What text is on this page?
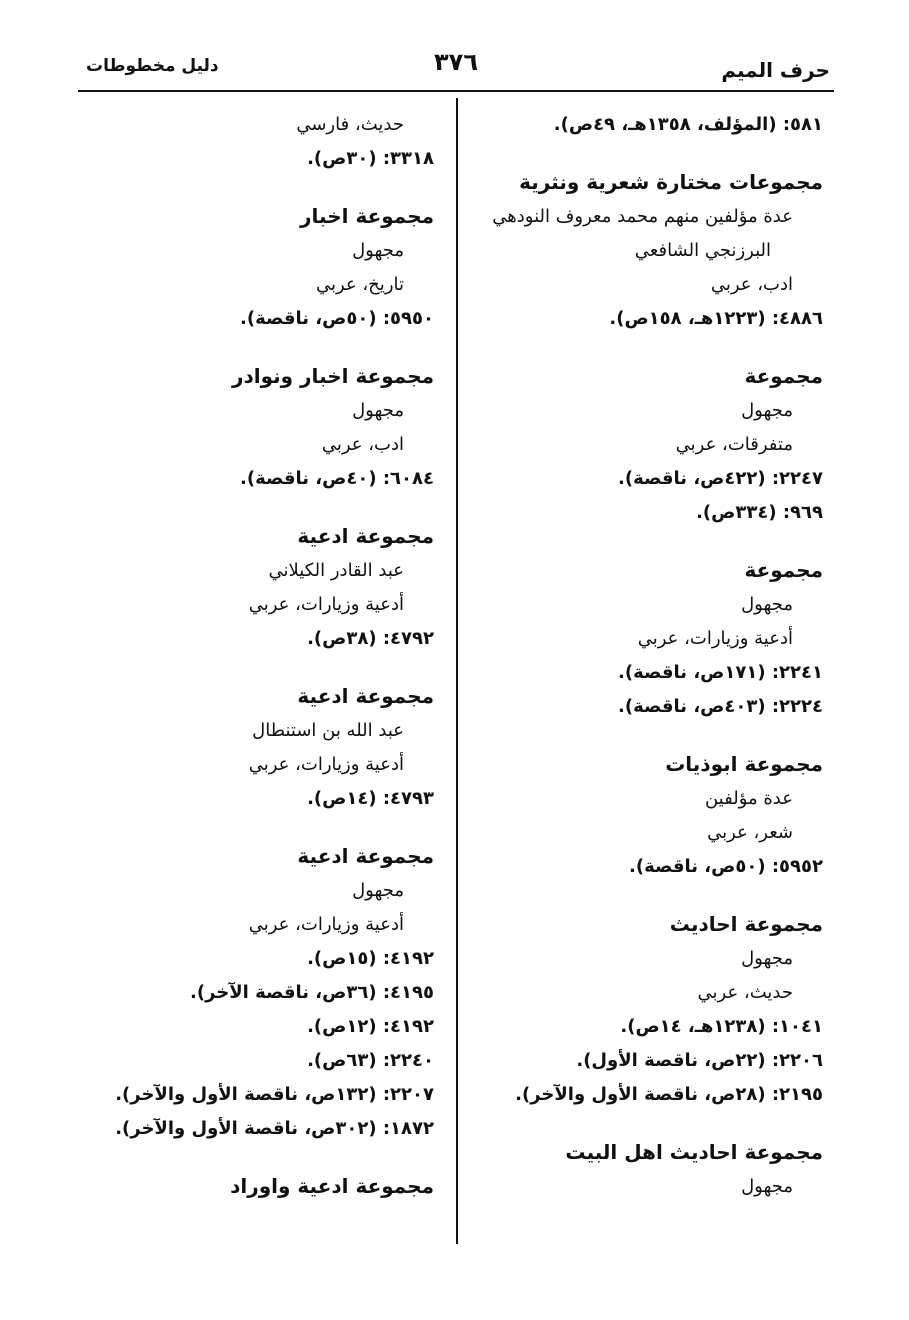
حرف الميم
٣٧٦
دليل مخطوطات
٥٨١: (المؤلف، ١٣٥٨هـ، ٤٩ص).
مجموعات مختارة شعرية ونثرية
عدة مؤلفين منهم محمد معروف النودهي
البرزنجي الشافعي
ادب، عربي
٤٨٨٦: (١٢٢٣هـ، ١٥٨ص).
مجموعة
مجهول
متفرقات، عربي
٢٢٤٧: (٤٢٢ص، ناقصة).
٩٦٩: (٣٣٤ص).
مجموعة
مجهول
أدعية وزيارات، عربي
٢٢٤١: (١٧١ص، ناقصة).
٢٢٢٤: (٤٠٣ص، ناقصة).
مجموعة ابوذيات
عدة مؤلفين
شعر، عربي
٥٩٥٢: (٥٠ص، ناقصة).
مجموعة احاديث
مجهول
حديث، عربي
١٠٤١: (١٢٣٨هـ، ١٤ص).
٢٢٠٦: (٢٢ص، ناقصة الأول).
٢١٩٥: (٢٨ص، ناقصة الأول والآخر).
مجموعة احاديث اهل البيت
مجهول
حديث، فارسي
٣٣١٨: (٣٠ص).
مجموعة اخبار
مجهول
تاريخ، عربي
٥٩٥٠: (٥٠ص، ناقصة).
مجموعة اخبار ونوادر
مجهول
ادب، عربي
٦٠٨٤: (٤٠ص، ناقصة).
مجموعة ادعية
عبد القادر الكيلاني
أدعية وزيارات، عربي
٤٧٩٢: (٣٨ص).
مجموعة ادعية
عبد الله بن استنطال
أدعية وزيارات، عربي
٤٧٩٣: (١٤ص).
مجموعة ادعية
مجهول
أدعية وزيارات، عربي
٤١٩٢: (١٥ص).
٤١٩٥: (٣٦ص، ناقصة الآخر).
٤١٩٢: (١٢ص).
٢٢٤٠: (٦٣ص).
٢٢٠٧: (١٣٢ص، ناقصة الأول والآخر).
١٨٧٢: (٣٠٢ص، ناقصة الأول والآخر).
مجموعة ادعية واوراد
